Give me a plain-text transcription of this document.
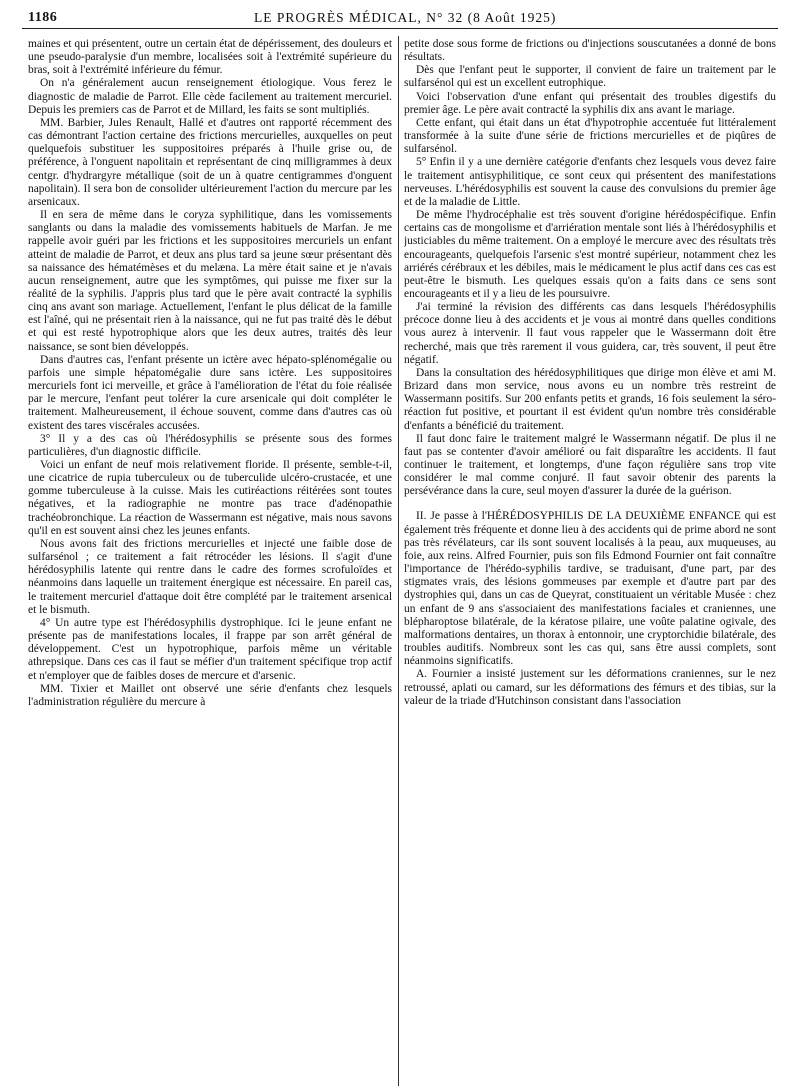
1186	LE PROGRÈS MÉDICAL, N° 32 (8 Août 1925)

maines et qui présentent, outre un certain état de dépérissement, des douleurs et une pseudo-paralysie d'un membre, localisées soit à l'extrémité supérieure du bras, soit à l'extrémité inférieure du fémur.

On n'a généralement aucun renseignement étiologique. Vous ferez le diagnostic de maladie de Parrot. Elle cède facilement au traitement mercuriel. Depuis les premiers cas de Parrot et de Millard, les faits se sont multipliés.

MM. Barbier, Jules Renault, Hallé et d'autres ont rapporté récemment des cas démontrant l'action certaine des frictions mercurielles, auxquelles on peut quelquefois substituer les suppositoires préparés à l'huile grise ou, de préférence, à l'onguent napolitain et représentant de cinq milligrammes à deux centgr. d'hydrargyre métallique (soit de un à quatre centigrammes d'onguent napolitain). Il sera bon de consolider ultérieurement l'action du mercure par les arsenicaux.

Il en sera de même dans le coryza syphilitique, dans les vomissements sanglants ou dans la maladie des vomissements habituels de Marfan. Je me rappelle avoir guéri par les frictions et les suppositoires mercuriels un enfant atteint de maladie de Parrot, et deux ans plus tard sa jeune sœur présentant dès sa naissance des hématémèses et du melæna. La mère était saine et je n'avais aucun renseignement, autre que les symptômes, qui puisse me fixer sur la réalité de la syphilis. J'appris plus tard que le père avait contracté la syphilis cinq ans avant son mariage. Actuellement, l'enfant le plus délicat de la famille est l'aîné, qui ne présentait rien à la naissance, qui ne fut pas traité dès le début et qui est resté hypotrophique alors que les deux autres, traités dès leur naissance, se sont bien développés.

Dans d'autres cas, l'enfant présente un ictère avec hépato-splénomégalie ou parfois une simple hépatomégalie dure sans ictère. Les suppositoires mercuriels font ici merveille, et grâce à l'amélioration de l'état du foie réalisée par le mercure, l'enfant peut tolérer la cure arsenicale qui doit compléter le traitement. Malheureusement, il échoue souvent, comme dans d'autres cas où existent des tares viscérales accusées.

3° Il y a des cas où l'hérédosyphilis se présente sous des formes particulières, d'un diagnostic difficile.

Voici un enfant de neuf mois relativement floride. Il présente, semble-t-il, une cicatrice de rupia tuberculeux ou de tuberculide ulcéro-crustacée, et une gomme tuberculeuse à la cuisse. Mais les cutiréactions réitérées sont toutes négatives, et la radiographie ne montre pas trace d'adénopathie trachéobronchique. La réaction de Wassermann est négative, mais nous savons qu'il en est souvent ainsi chez les jeunes enfants.

Nous avons fait des frictions mercurielles et injecté une faible dose de sulfarsénol ; ce traitement a fait rétrocéder les lésions. Il s'agit d'une hérédosyphilis latente qui rentre dans le cadre des formes scrofuloïdes et néanmoins dans laquelle un traitement énergique est nécessaire. En pareil cas, le traitement mercuriel d'attaque doit être complété par le traitement arsenical et le bismuth.

4° Un autre type est l'hérédosyphilis dystrophique. Ici le jeune enfant ne présente pas de manifestations locales, il frappe par son arrêt général de développement. C'est un hypotrophique, parfois même un véritable athrepsique. Dans ces cas il faut se méfier d'un traitement spécifique trop actif et n'employer que de faibles doses de mercure et d'arsenic.

MM. Tixier et Maillet ont observé une série d'enfants chez lesquels l'administration régulière du mercure à

petite dose sous forme de frictions ou d'injections souscutanées a donné de bons résultats.

Dès que l'enfant peut le supporter, il convient de faire un traitement par le sulfarsénol qui est un excellent eutrophique.

Voici l'observation d'une enfant qui présentait des troubles digestifs du premier âge. Le père avait contracté la syphilis dix ans avant le mariage.

Cette enfant, qui était dans un état d'hypotrophie accentuée fut littéralement transformée à la suite d'une série de frictions mercurielles et de piqûres de sulfarsénol.

5° Enfin il y a une dernière catégorie d'enfants chez lesquels vous devez faire le traitement antisyphilitique, ce sont ceux qui présentent des manifestations nerveuses. L'hérédosyphilis est souvent la cause des convulsions du premier âge et de la maladie de Little.

De même l'hydrocéphalie est très souvent d'origine hérédospécifique. Enfin certains cas de mongolisme et d'arriération mentale sont liés à l'hérédosyphilis et justiciables du même traitement. On a employé le mercure avec des résultats très encourageants, quelquefois l'arsenic s'est montré supérieur, notamment chez les arriérés cérébraux et les débiles, mais le médicament le plus actif dans ces cas est peut-être le bismuth. Les quelques essais qu'on a faits dans ce sens sont encourageants et il y a lieu de les poursuivre.

J'ai terminé la révision des différents cas dans lesquels l'hérédosyphilis précoce donne lieu à des accidents et je vous ai montré dans quelles conditions vous aurez à intervenir. Il faut vous rappeler que le Wassermann doit être recherché, mais que très rarement il vous guidera, car, très souvent, il peut être négatif.

Dans la consultation des hérédosyphilitiques que dirige mon élève et ami M. Brizard dans mon service, nous avons eu un nombre très restreint de Wassermann positifs. Sur 200 enfants petits et grands, 16 fois seulement la séro-réaction fut positive, et pourtant il est évident qu'un nombre très considérable d'enfants a bénéficié du traitement.

Il faut donc faire le traitement malgré le Wassermann négatif. De plus il ne faut pas se contenter d'avoir amélioré ou fait disparaître les accidents. Il faut continuer le traitement, et longtemps, d'une façon régulière sans trop vite considérer le mal comme conjuré. Il faut savoir obtenir des parents la persévérance dans la cure, seul moyen d'assurer la durée de la guérison.

II. Je passe à l'HÉRÉDOSYPHILIS DE LA DEUXIÈME ENFANCE qui est également très fréquente et donne lieu à des accidents qui de prime abord ne sont pas très révélateurs, car ils sont souvent localisés à la peau, aux muqueuses, au foie, aux reins. Alfred Fournier, puis son fils Edmond Fournier ont fait connaître l'importance de l'hérédo-syphilis tardive, se traduisant, d'une part, par des stigmates vrais, des lésions gommeuses par exemple et d'autre part par des dystrophies qui, dans un cas de Queyrat, constituaient un véritable Musée : chez un enfant de 9 ans s'associaient des manifestations faciales et craniennes, une blépharoptose bilatérale, de la kératose pilaire, une voûte palatine ogivale, des malformations dentaires, un thorax à entonnoir, une cryptorchidie bilatérale, des troubles auditifs. Nombreux sont les cas qui, sans être aussi complets, sont néanmoins significatifs.

A. Fournier a insisté justement sur les déformations craniennes, sur le nez retroussé, aplati ou camard, sur les déformations des fémurs et des tibias, sur la valeur de la triade d'Hutchinson consistant dans l'association
